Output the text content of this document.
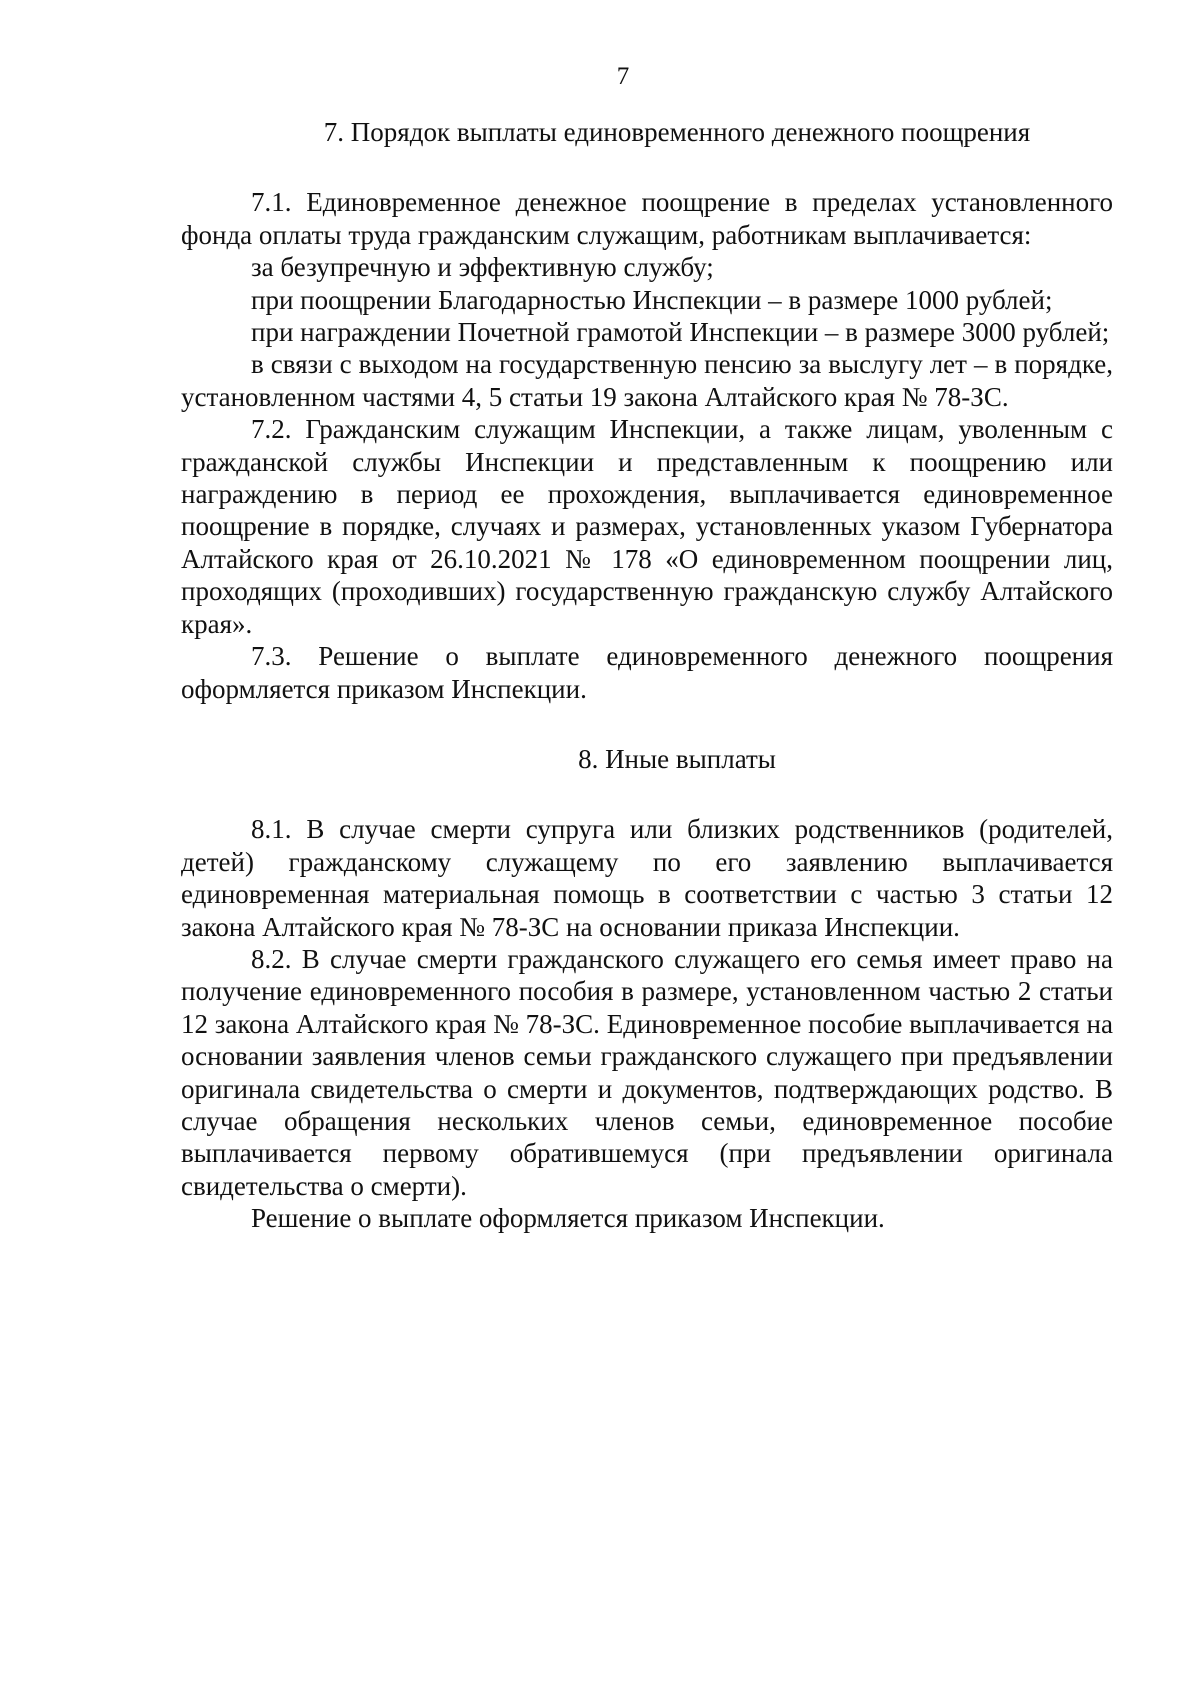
7
7. Порядок выплаты единовременного денежного поощрения

7.1. Единовременное денежное поощрение в пределах установленного фонда оплаты труда гражданским служащим, работникам выплачивается:

за безупречную и эффективную службу;

при поощрении Благодарностью Инспекции – в размере 1000 рублей;

при награждении Почетной грамотой Инспекции – в размере 3000 рублей;

в связи с выходом на государственную пенсию за выслугу лет – в порядке, установленном частями 4, 5 статьи 19 закона Алтайского края № 78-ЗС.

7.2. Гражданским служащим Инспекции, а также лицам, уволенным с гражданской службы Инспекции и представленным к поощрению или награждению в период ее прохождения, выплачивается единовременное поощрение в порядке, случаях и размерах, установленных указом Губернатора Алтайского края от 26.10.2021 № 178 «О единовременном поощрении лиц, проходящих (проходивших) государственную гражданскую службу Алтайского края».

7.3. Решение о выплате единовременного денежного поощрения оформляется приказом Инспекции.

8. Иные выплаты

8.1. В случае смерти супруга или близких родственников (родителей, детей) гражданскому служащему по его заявлению выплачивается единовременная материальная помощь в соответствии с частью 3 статьи 12 закона Алтайского края № 78-ЗС на основании приказа Инспекции.

8.2. В случае смерти гражданского служащего его семья имеет право на получение единовременного пособия в размере, установленном частью 2 статьи 12 закона Алтайского края № 78-ЗС. Единовременное пособие выплачивается на основании заявления членов семьи гражданского служащего при предъявлении оригинала свидетельства о смерти и документов, подтверждающих родство. В случае обращения нескольких членов семьи, единовременное пособие выплачивается первому обратившемуся (при предъявлении оригинала свидетельства о смерти).

Решение о выплате оформляется приказом Инспекции.
